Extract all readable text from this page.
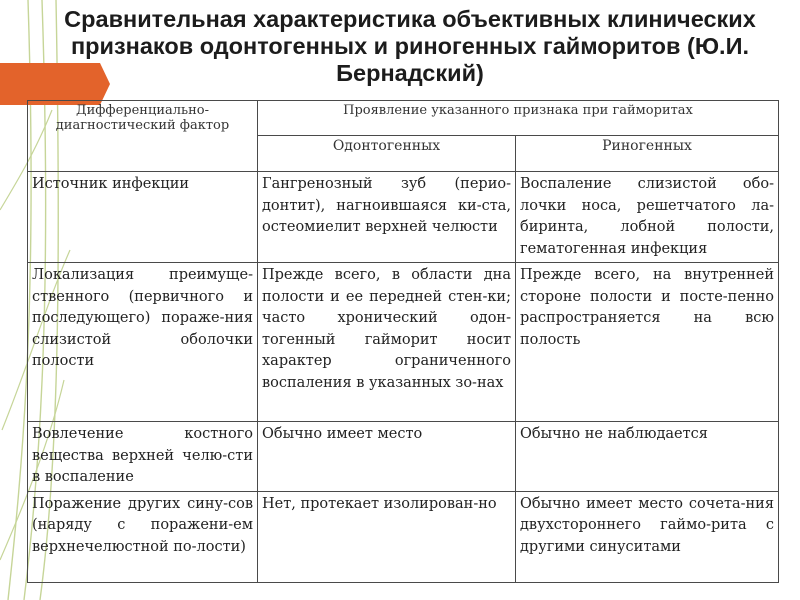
Сравнительная характеристика объективных клинических признаков одонтогенных и риногенных гайморитов (Ю.И. Бернадский)
Дифференциально-диагностический фактор	Проявление указанного признака при гайморитах	
	Одонтогенных	Риногенных
Источник инфекции	Гангренозный зуб (перио-донтит), нагноившаяся ки-ста, остеомиелит верхней челюсти	Воспаление слизистой обо-лочки носа, решетчатого ла-биринта, лобной полости, гематогенная инфекция
Локализация преимуще-ственного (первичного и последующего) пораже-ния слизистой оболочки полости	Прежде всего, в области дна полости и ее передней стен-ки; часто хронический одон-тогенный гайморит носит характер ограниченного воспаления в указанных зо-нах	Прежде всего, на внутренней стороне полости и посте-пенно распространяется на всю полость
Вовлечение костного вещества верхней челю-сти в воспаление	Обычно имеет место	Обычно не наблюдается
Поражение других сину-сов (наряду с поражени-ем верхнечелюстной по-лости)	Нет, протекает изолирован-но	Обычно имеет место сочета-ния двухстороннего гаймо-рита с другими синуситами
